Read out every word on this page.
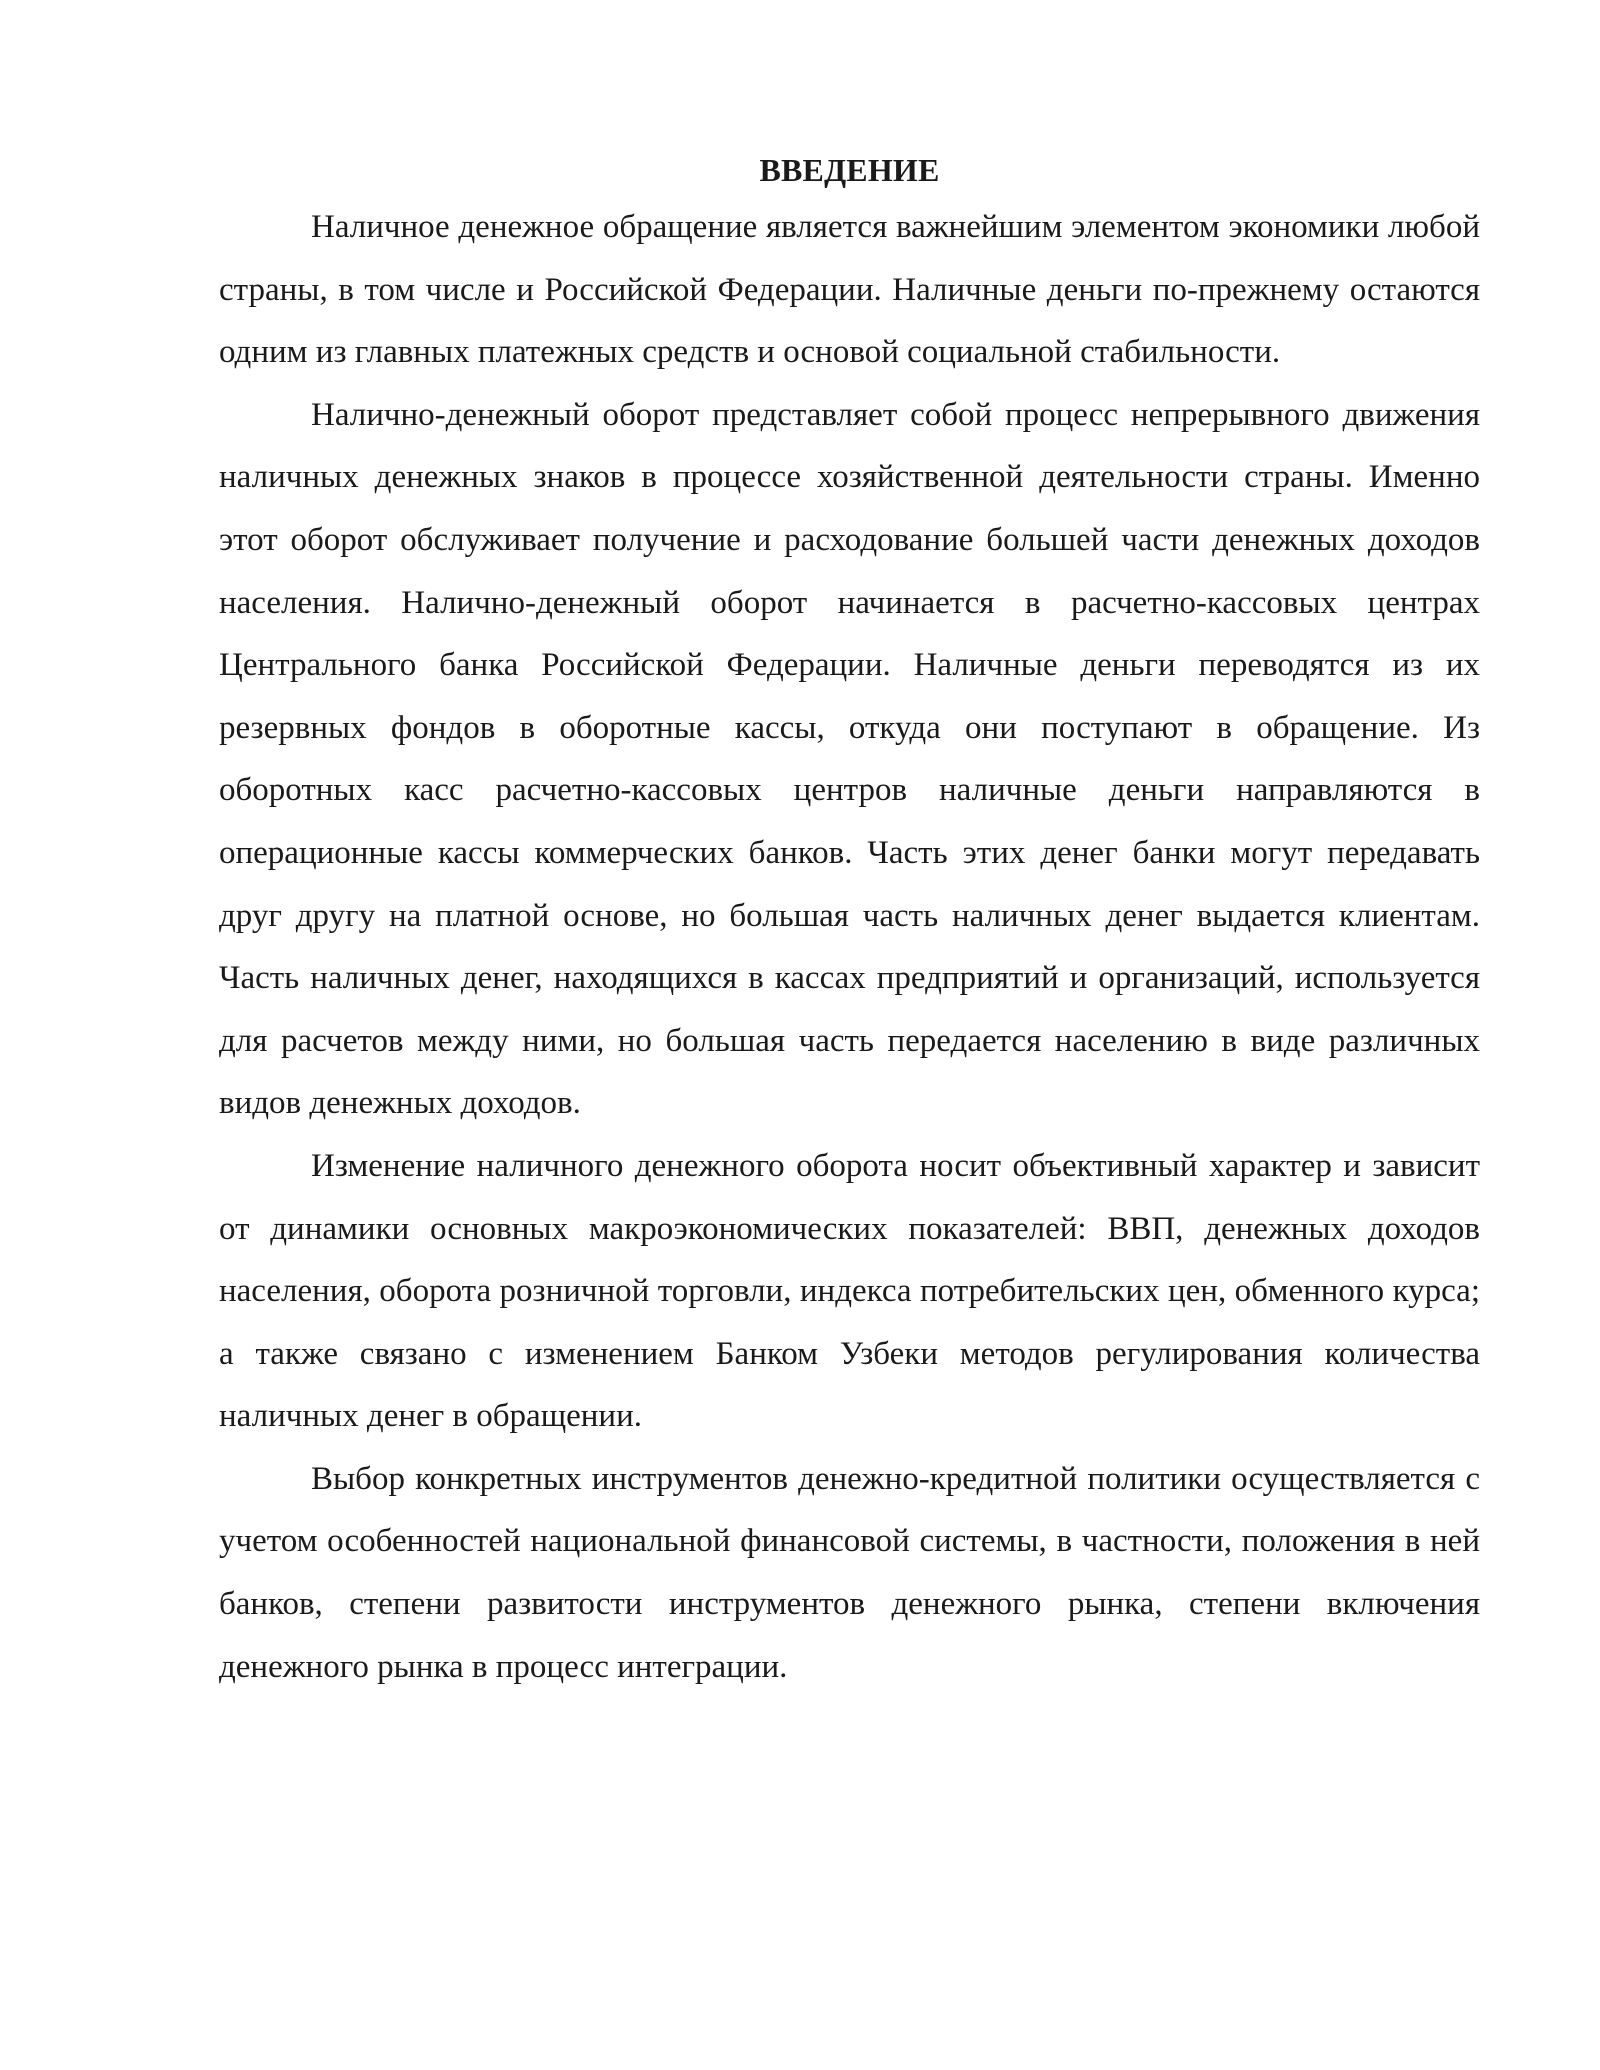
ВВЕДЕНИЕ

Наличное денежное обращение является важнейшим элементом экономики любой страны, в том числе и Российской Федерации. Наличные деньги по-прежнему остаются одним из главных платежных средств и основой социальной стабильности.

Налично-денежный оборот представляет собой процесс непрерывного движения наличных денежных знаков в процессе хозяйственной деятельности страны. Именно этот оборот обслуживает получение и расходование большей части денежных доходов населения. Налично-денежный оборот начинается в расчетно-кассовых центрах Центрального банка Российской Федерации. Наличные деньги переводятся из их резервных фондов в оборотные кассы, откуда они поступают в обращение. Из оборотных касс расчетно-кассовых центров наличные деньги направляются в операционные кассы коммерческих банков. Часть этих денег банки могут передавать друг другу на платной основе, но большая часть наличных денег выдается клиентам. Часть наличных денег, находящихся в кассах предприятий и организаций, используется для расчетов между ними, но большая часть передается населению в виде различных видов денежных доходов.

Изменение наличного денежного оборота носит объективный характер и зависит от динамики основных макроэкономических показателей: ВВП, денежных доходов населения, оборота розничной торговли, индекса потребительских цен, обменного курса; а также связано с изменением Банком Узбеки методов регулирования количества наличных денег в обращении.

Выбор конкретных инструментов денежно-кредитной политики осуществляется с учетом особенностей национальной финансовой системы, в частности, положения в ней банков, степени развитости инструментов денежного рынка, степени включения денежного рынка в процесс интеграции.
